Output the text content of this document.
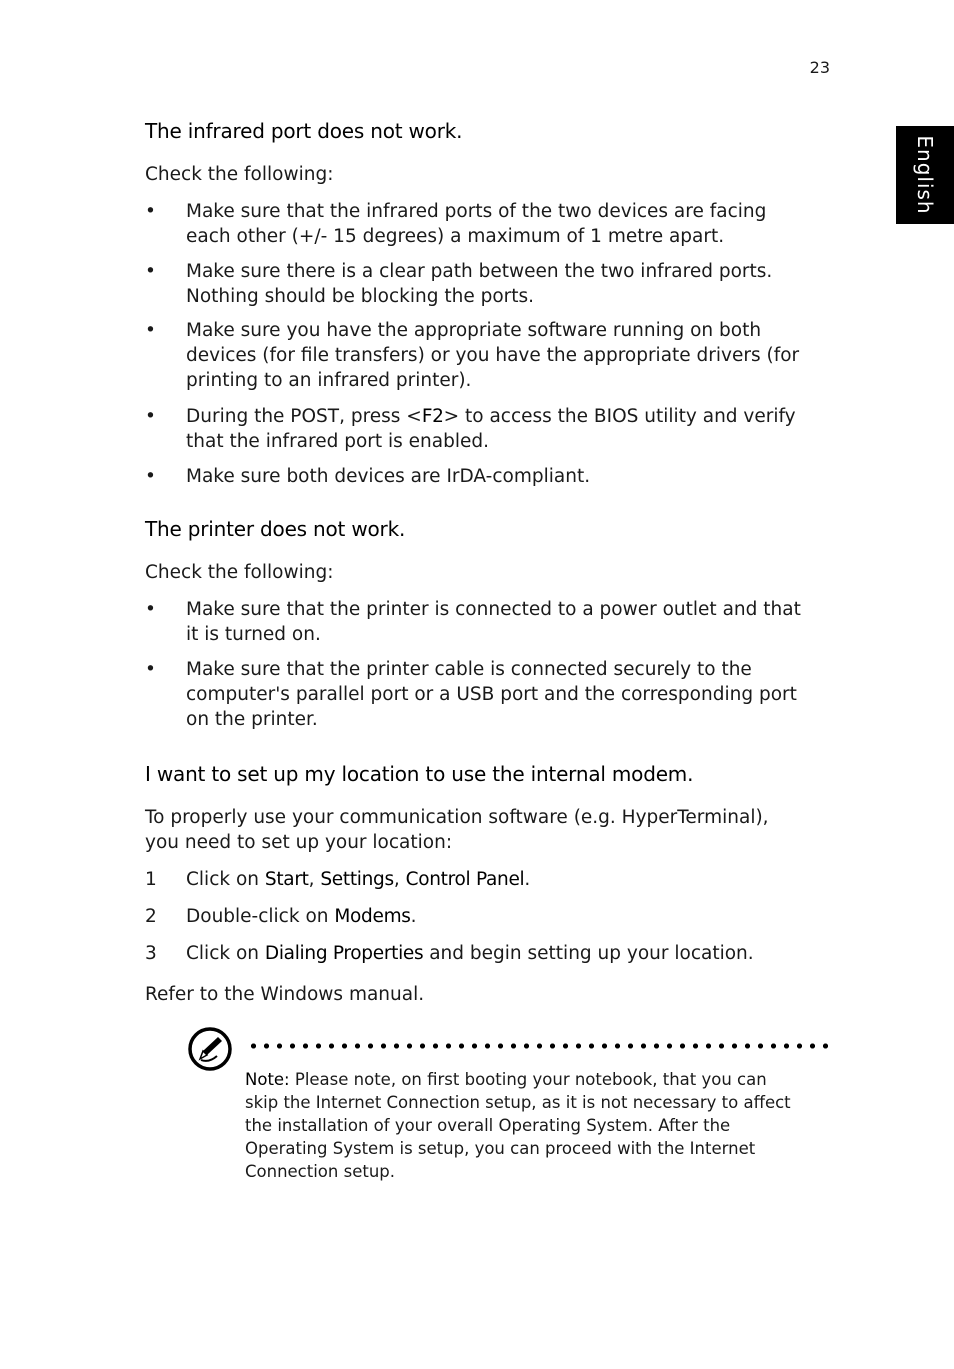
23
English
The infrared port does not work.

Check the following:

•	Make sure that the infrared ports of the two devices are facing
each other (+/- 15 degrees) a maximum of 1 metre apart.
•	Make sure there is a clear path between the two infrared ports.
Nothing should be blocking the ports.
•	Make sure you have the appropriate software running on both
devices (for file transfers) or you have the appropriate drivers (for
printing to an infrared printer).
•	During the POST, press <F2> to access the BIOS utility and verify
that the infrared port is enabled.
•	Make sure both devices are IrDA-compliant.
The printer does not work.

Check the following:

•	Make sure that the printer is connected to a power outlet and that
it is turned on.
•	Make sure that the printer cable is connected securely to the
computer's parallel port or a USB port and the corresponding port
on the printer.
I want to set up my location to use the internal modem.

To properly use your communication software (e.g. HyperTerminal),
you need to set up your location:

1	Click on Start, Settings, Control Panel.
2	Double-click on Modems.
3	Click on Dialing Properties and begin setting up your location.

Refer to the Windows manual.

Note: Please note, on first booting your notebook, that you can
skip the Internet Connection setup, as it is not necessary to affect
the installation of your overall Operating System. After the
Operating System is setup, you can proceed with the Internet
Connection setup.
